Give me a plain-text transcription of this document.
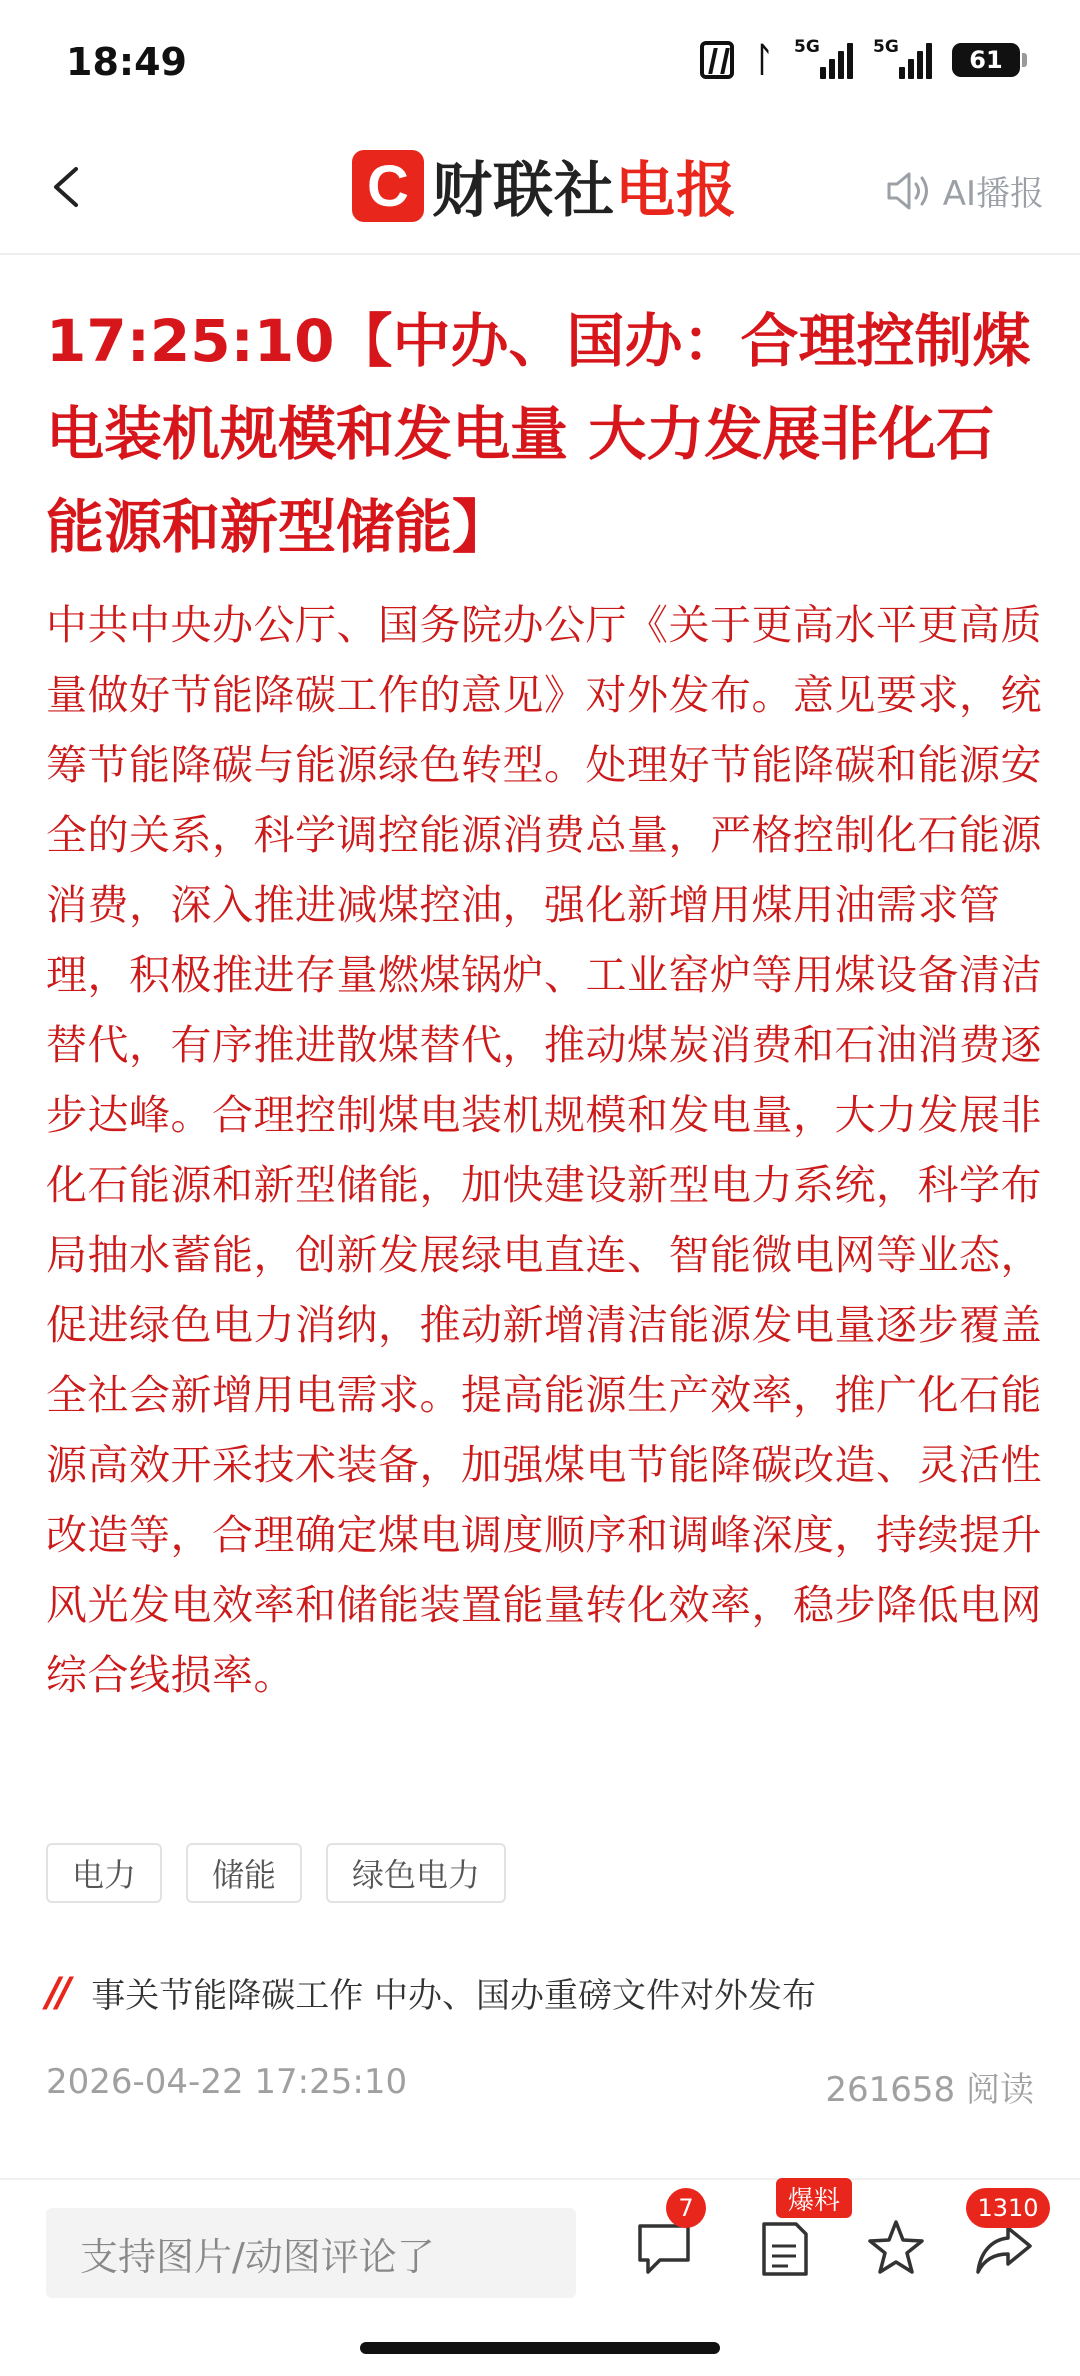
18:49	ᛚ 5G	5G	61
C 财联社电报	AI播报
17:25:10【中办、国办：合理控制煤电装机规模和发电量 大力发展非化石能源和新型储能】
中共中央办公厅、国务院办公厅《关于更高水平更高质量做好节能降碳工作的意见》对外发布。意见要求，统筹节能降碳与能源绿色转型。处理好节能降碳和能源安全的关系，科学调控能源消费总量，严格控制化石能源消费，深入推进减煤控油，强化新增用煤用油需求管理，积极推进存量燃煤锅炉、工业窑炉等用煤设备清洁替代，有序推进散煤替代，推动煤炭消费和石油消费逐步达峰。合理控制煤电装机规模和发电量，大力发展非化石能源和新型储能，加快建设新型电力系统，科学布局抽水蓄能，创新发展绿电直连、智能微电网等业态，促进绿色电力消纳，推动新增清洁能源发电量逐步覆盖全社会新增用电需求。提高能源生产效率，推广化石能源高效开采技术装备，加强煤电节能降碳改造、灵活性改造等，合理确定煤电调度顺序和调峰深度，持续提升风光发电效率和储能装置能量转化效率，稳步降低电网综合线损率。
电力	储能	绿色电力
// 事关节能降碳工作 中办、国办重磅文件对外发布
2026-04-22 17:25:10	261658 阅读
支持图片/动图评论了
7	爆料	1310
